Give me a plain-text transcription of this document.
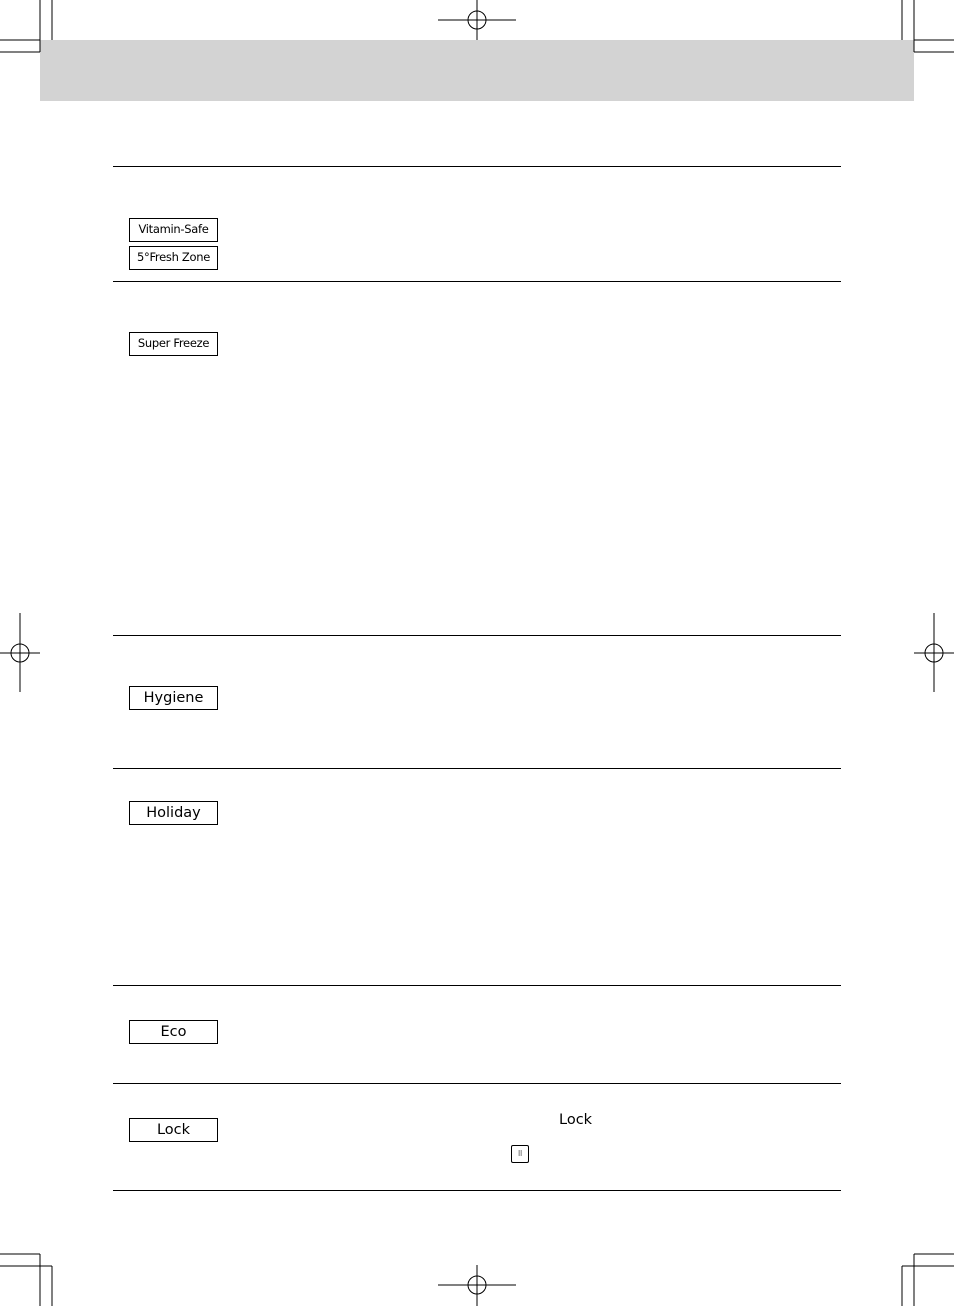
Vitamin-Safe
5°Fresh Zone
Super Freeze
Hygiene
Holiday
Eco
Lock
Lock
⠿
